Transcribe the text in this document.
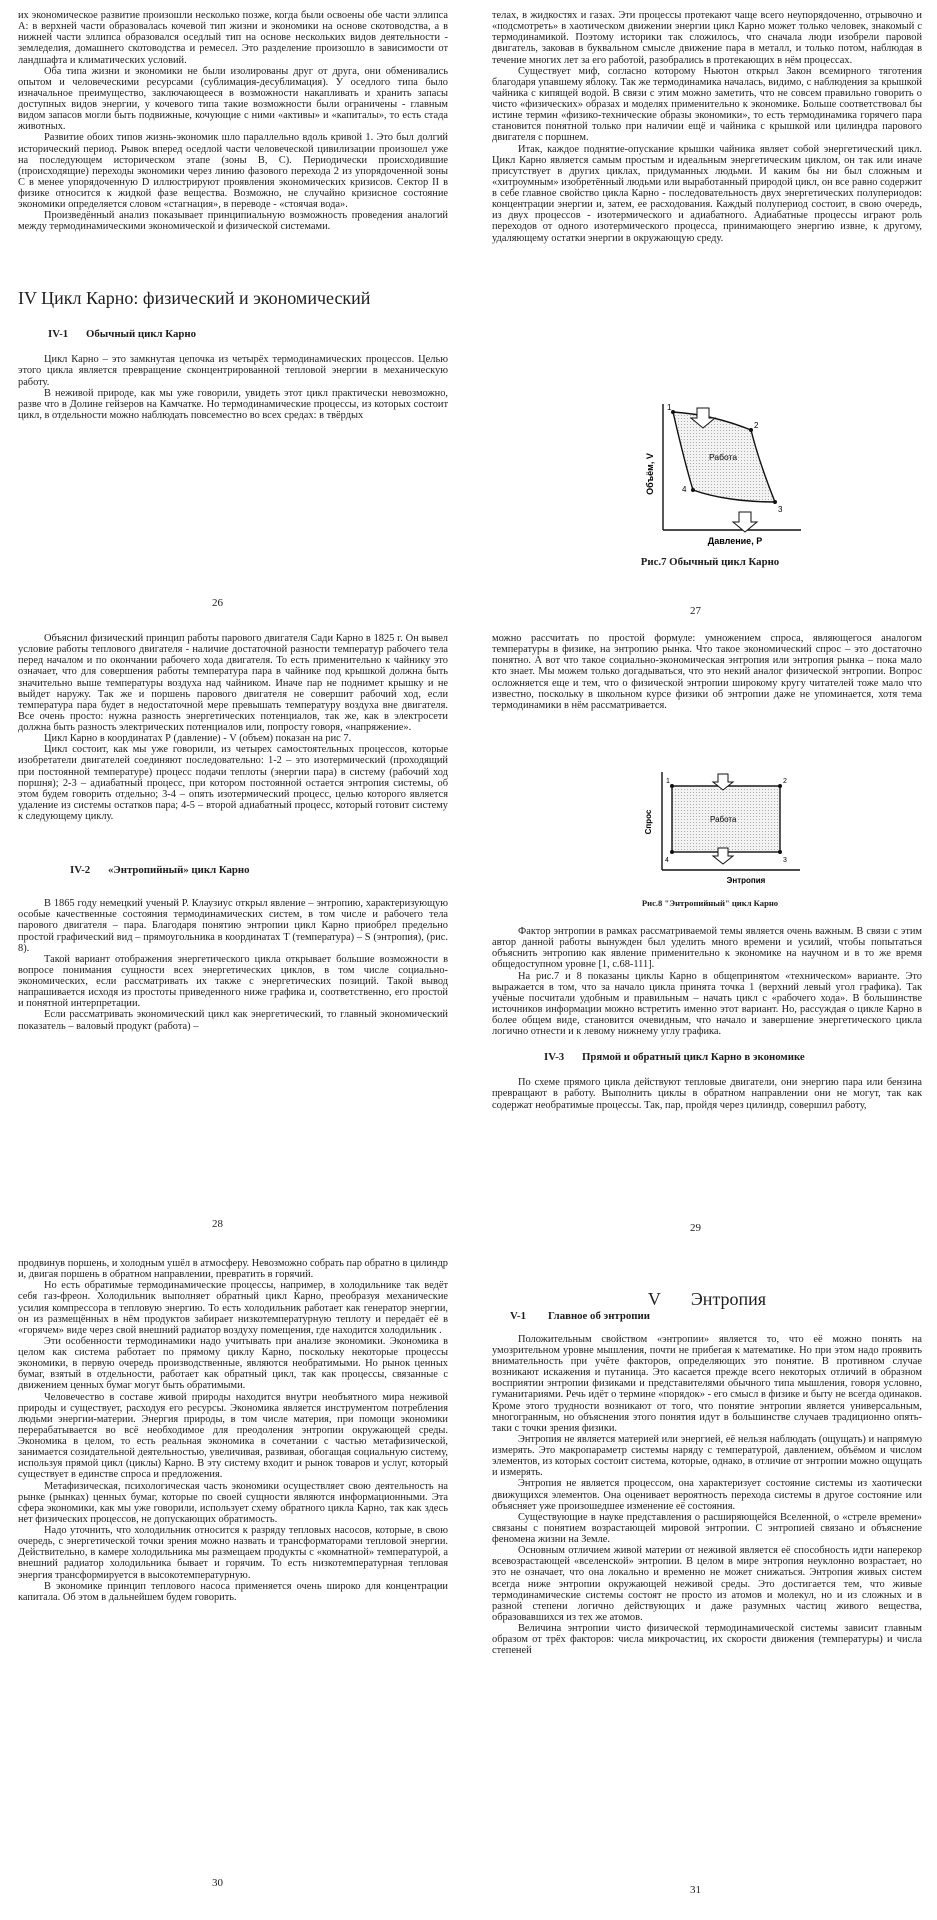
их экономическое развитие произошли несколько позже, когда были освоены обе части эллипса А: в верхней части образовалась кочевой тип жизни и экономики на основе скотоводства, а в нижней части эллипса образовался оседлый тип на основе нескольких видов деятельности - земледелия, домашнего скотоводства и ремесел. Это разделение произошло в зависимости от ландшафта и климатических условий.

Оба типа жизни и экономики не были изолированы друг от друга, они обменивались опытом и человеческими ресурсами (сублимация-десублимация). У оседлого типа было изначальное преимущество, заключающееся в возможности накапливать и хранить запасы доступных видов энергии, у кочевого типа такие возможности были ограничены - главным видом запасов могли быть подвижные, кочующие с ними «активы» и «капиталы», то есть стада животных.

Развитие обоих типов жизнь-экономик шло параллельно вдоль кривой 1. Это был долгий исторический период. Рывок вперед оседлой части человеческой цивилизации произошел уже на последующем историческом этапе (зоны В, С). Периодически происходившие (происходящие) переходы экономики через линию фазового перехода 2 из упорядоченной зоны С в менее упорядоченную D иллюстрируют проявления экономических кризисов. Сектор II в физике относится к жидкой фазе вещества. Возможно, не случайно кризисное состояние экономики определяется словом «стагнация», в переводе - «стоячая вода».

Произведённый анализ показывает принципиальную возможность проведения аналогий между термодинамическими экономической и физической системами.

IV Цикл Карно: физический и экономический

IV-1 Обычный цикл Карно

Цикл Карно – это замкнутая цепочка из четырёх термодинамических процессов. Целью этого цикла является превращение сконцентрированной тепловой энергии в механическую работу.

В неживой природе, как мы уже говорили, увидеть этот цикл практически невозможно, разве что в Долине гейзеров на Камчатке. Но термодинамические процессы, из которых состоит цикл, в отдельности можно наблюдать повсеместно во всех средах: в твёрдых

26

телах, в жидкостях и газах. Эти процессы протекают чаще всего неупорядоченно, отрывочно и «подсмотреть» в хаотическом движении энергии цикл Карно может только человек, знакомый с термодинамикой. Поэтому историки так сложилось, что сначала люди изобрели паровой двигатель, заковав в буквальном смысле движение пара в металл, и только потом, наблюдая в течение многих лет за его работой, разобрались в протекающих в нём процессах.

Существует миф, согласно которому Ньютон открыл Закон всемирного тяготения благодаря упавшему яблоку. Так же термодинамика началась, видимо, с наблюдения за крышкой чайника с кипящей водой. В связи с этим можно заметить, что не совсем правильно говорить о чисто «физических» образах и моделях применительно к экономике. Больше соответствовал бы истине термин «физико-технические образы экономики», то есть термодинамика горячего пара становится понятной только при наличии ещё и чайника с крышкой или цилиндра парового двигателя с поршнем.

Итак, каждое поднятие-опускание крышки чайника являет собой энергетический цикл. Цикл Карно является самым простым и идеальным энергетическим циклом, он так или иначе присутствует в других циклах, придуманных людьми. И каким бы ни был сложным и «хитроумным» изобретённый людьми или выработанный природой цикл, он все равно содержит в себе главное свойство цикла Карно - последовательность двух энергетических полупериодов: концентрации энергии и, затем, ее расходования. Каждый полупериод состоит, в свою очередь, из двух процессов - изотермического и адиабатного. Адиабатные процессы играют роль переходов от одного изотермического процесса, принимающего энергию извне, к другому, удаляющему остатки энергии в окружающую среду.

1
2
3
4
Работа
Объём, V
Давление, P
Рис.7 Обычный цикл Карно
27

Объяснил физический принцип работы парового двигателя Сади Карно в 1825 г. Он вывел условие работы теплового двигателя - наличие достаточной разности температур рабочего тела перед началом и по окончании рабочего хода двигателя. То есть применительно к чайнику это означает, что для совершения работы температура пара в чайнике под крышкой должна быть значительно выше температуры воздуха над чайником. Иначе пар не поднимет крышку и не выйдет наружу. Так же и поршень парового двигателя не совершит рабочий ход, если температура пара будет в недостаточной мере превышать температуру воздуха вне двигателя. Все очень просто: нужна разность энергетических потенциалов, так же, как в электросети должна быть разность электрических потенциалов или, попросту говоря, «напряжение».

Цикл Карно в координатах Р (давление) - V (объем) показан на рис 7.

Цикл состоит, как мы уже говорили, из четырех самостоятельных процессов, которые изобретатели двигателей соединяют последовательно: 1-2 – это изотермический (проходящий при постоянной температуре) процесс подачи теплоты (энергии пара) в систему (рабочий ход поршня); 2-3 – адиабатный процесс, при котором постоянной остается энтропия системы, об этом будем говорить отдельно; 3-4 – опять изотермический процесс, целью которого является удаление из системы остатков пара; 4-5 – второй адиабатный процесс, который готовит систему к следующему циклу.

IV-2 «Энтропийный» цикл Карно

В 1865 году немецкий ученый Р. Клаузиус открыл явление – энтропию, характеризующую особые качественные состояния термодинамических систем, в том числе и рабочего тела парового двигателя – пара. Благодаря понятию энтропии цикл Карно приобрел предельно простой графический вид – прямоугольника в координатах Т (температура) – S (энтропия), (рис. 8).

Такой вариант отображения энергетического цикла открывает большие возможности в вопросе понимания сущности всех энергетических циклов, в том числе социально-экономических, если рассматривать их также с энергетических позиций. Такой вывод напрашивается исходя из простоты приведенного ниже графика и, соответственно, его простой и понятной интерпретации.

Если рассматривать экономический цикл как энергетический, то главный экономический показатель – валовый продукт (работа) –

28

можно рассчитать по простой формуле: умножением спроса, являющегося аналогом температуры в физике, на энтропию рынка. Что такое экономический спрос – это достаточно понятно. А вот что такое социально-экономическая энтропия или энтропия рынка – пока мало кто знает. Мы можем только догадываться, что это некий аналог физической энтропии. Вопрос осложняется еще и тем, что о физической энтропии широкому кругу читателей тоже мало что известно, поскольку в школьном курсе физики об энтропии даже не упоминается, хотя тема термодинамики в нём рассматривается.

1	2
3
4
Работа
Спрос
Энтропия
Рис.8 "Энтропийный" цикл Карно

Фактор энтропии в рамках рассматриваемой темы является очень важным. В связи с этим автор данной работы вынужден был уделить много времени и усилий, чтобы попытаться объяснить энтропию как явление применительно к экономике на научном и в то же время общедоступном уровне [1, с.68-111].

На рис.7 и 8 показаны циклы Карно в общепринятом «техническом» варианте. Это выражается в том, что за начало цикла принята точка 1 (верхний левый угол графика). Так учёные посчитали удобным и правильным – начать цикл с «рабочего хода». В большинстве источников информации можно встретить именно этот вариант. Но, рассуждая о цикле Карно в более общем виде, становится очевидным, что начало и завершение энергетического цикла логично отнести и к левому нижнему углу графика.

IV-3 Прямой и обратный цикл Карно в экономике

По схеме прямого цикла действуют тепловые двигатели, они энергию пара или бензина превращают в работу. Выполнить циклы в обратном направлении они не могут, так как содержат необратимые процессы. Так, пар, пройдя через цилиндр, совершил работу,

29

продвинув поршень, и холодным ушёл в атмосферу. Невозможно собрать пар обратно в цилиндр и, двигая поршень в обратном направлении, превратить в горячий.

Но есть обратимые термодинамические процессы, например, в холодильнике так ведёт себя газ-фреон. Холодильник выполняет обратный цикл Карно, преобразуя механические усилия компрессора в тепловую энергию. То есть холодильник работает как генератор энергии, он из размещённых в нём продуктов забирает низкотемпературную теплоту и передаёт её в «горячем» виде через свой внешний радиатор воздуху помещения, где находится холодильник .

Эти особенности термодинамики надо учитывать при анализе экономики. Экономика в целом как система работает по прямому циклу Карно, поскольку некоторые процессы экономики, в первую очередь производственные, являются необратимыми. Но рынок ценных бумаг, взятый в отдельности, работает как обратный цикл, так как процессы, связанные с движением ценных бумаг могут быть обратимыми.

Человечество в составе живой природы находится внутри необъятного мира неживой природы и существует, расходуя его ресурсы. Экономика является инструментом потребления людьми энергии-материи. Энергия природы, в том числе материя, при помощи экономики перерабатывается во всё необходимое для преодоления энтропии окружающей среды. Экономика в целом, то есть реальная экономика в сочетании с частью метафизической, занимается созидательной деятельностью, увеличивая, развивая, обогащая социальную систему, используя прямой цикл (циклы) Карно. В эту систему входит и рынок товаров и услуг, который существует в единстве спроса и предложения.

Метафизическая, психологическая часть экономики осуществляет свою деятельность на рынке (рынках) ценных бумаг, которые по своей сущности являются информационными. Эта сфера экономики, как мы уже говорили, использует схему обратного цикла Карно, так как здесь нет физических процессов, не допускающих обратимость.

Надо уточнить, что холодильник относится к разряду тепловых насосов, которые, в свою очередь, с энергетической точки зрения можно назвать и трансформаторами тепловой энергии. Действительно, в камере холодильника мы размещаем продукты с «комнатной» температурой, а внешний радиатор холодильника бывает и горячим. То есть низкотемпературная тепловая энергия трансформируется в высокотемпературную.

В экономике принцип теплового насоса применяется очень широко для концентрации капитала. Об этом в дальнейшем будем говорить.

30
V Энтропия

V-1 Главное об энтропии

Положительным свойством «энтропии» является то, что её можно понять на умозрительном уровне мышления, почти не прибегая к математике. Но при этом надо проявить внимательность при учёте факторов, определяющих это понятие. В противном случае возникают искажения и путаница. Это касается прежде всего некоторых отличий в образном восприятии энтропии физиками и представителями обычного типа мышления, говоря условно, гуманитариями. Речь идёт о термине «порядок» - его смысл в физике и быту не всегда одинаков. Кроме этого трудности возникают от того, что понятие энтропии является универсальным, многогранным, но объяснения этого понятия идут в большинстве случаев традиционно опять-таки с точки зрения физики.

Энтропия не является материей или энергией, её нельзя наблюдать (ощущать) и напрямую измерять. Это макропараметр системы наряду с температурой, давлением, объёмом и числом элементов, из которых состоит система, которые, однако, в отличие от энтропии можно ощущать и измерять.

Энтропия не является процессом, она характеризует состояние системы из хаотически движущихся элементов. Она оценивает вероятность перехода системы в другое состояние или объясняет уже произошедшее изменение её состояния.

Существующие в науке представления о расширяющейся Вселенной, о «стреле времени» связаны с понятием возрастающей мировой энтропии. С энтропией связано и объяснение феномена жизни на Земле.

Основным отличием живой материи от неживой является её способность идти наперекор всевозрастающей «вселенской» энтропии. В целом в мире энтропия неуклонно возрастает, но это не означает, что она локально и временно не может снижаться. Энтропия живых систем всегда ниже энтропии окружающей неживой среды. Это достигается тем, что живые термодинамические системы состоят не просто из атомов и молекул, но и из сложных и в разной степени логично действующих и даже разумных частиц живого вещества, образовавшихся из тех же атомов.

Величина энтропии чисто физической термодинамической системы зависит главным образом от трёх факторов: числа микрочастиц, их скорости движения (температуры) и числа степеней

31
